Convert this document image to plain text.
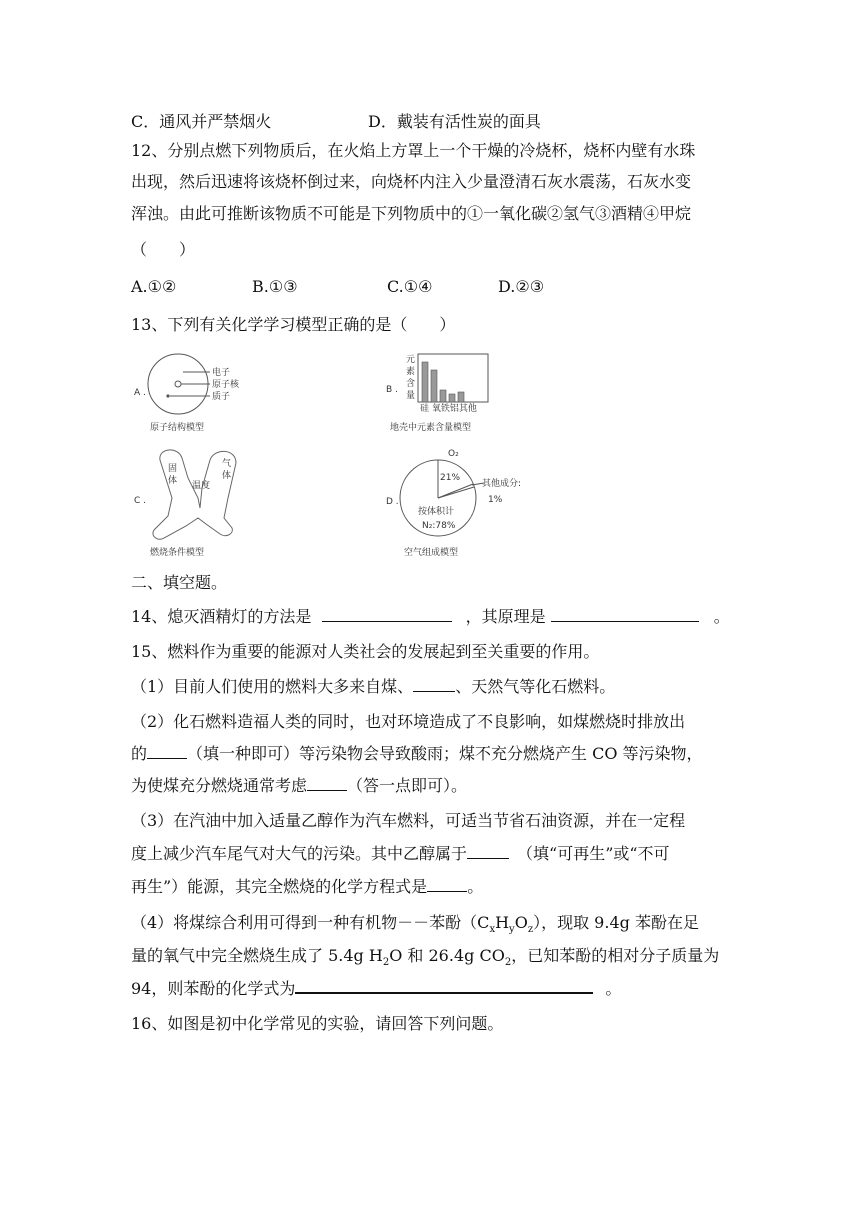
C．通风并严禁烟火	D．戴装有活性炭的面具
12、分别点燃下列物质后，在火焰上方罩上一个干燥的冷烧杯，烧杯内壁有水珠
出现，然后迅速将该烧杯倒过来，向烧杯内注入少量澄清石灰水震荡，石灰水变
浑浊。由此可推断该物质不可能是下列物质中的①一氧化碳②氢气③酒精④甲烷
（　　）
A.①②	B.①③	C.①④	D.②③
13、下列有关化学学习模型正确的是（　　）
A .
电子
原子核
质子
原子结构模型
B .
元
素
含
量
硅 氧铁铝其他
地壳中元素含量模型
C .
固
体 温度
气
体
燃烧条件模型
D .
O₂
21%
其他成分:
1%
按体积计
N₂:78%
空气组成模型
二、填空题。
14、熄灭酒精灯的方法是	，其原理是	。
15、燃料作为重要的能源对人类社会的发展起到至关重要的作用。
（1）目前人们使用的燃料大多来自煤、	、天然气等化石燃料。
（2）化石燃料造福人类的同时，也对环境造成了不良影响，如煤燃烧时排放出
的	（填一种即可）等污染物会导致酸雨；煤不充分燃烧产生 CO 等污染物，
为使煤充分燃烧通常考虑	（答一点即可）。
（3）在汽油中加入适量乙醇作为汽车燃料，可适当节省石油资源，并在一定程
度上减少汽车尾气对大气的污染。其中乙醇属于	（填“可再生”或“不可
再生”）能源，其完全燃烧的化学方程式是	。
（4）将煤综合利用可得到一种有机物－－苯酚$(C_xH_yO_z)$，现取 9.4g 苯酚在足
量的氧气中完全燃烧生成了 5.4g $H_2O$ 和 26.4g $CO_2$，已知苯酚的相对分子质量为
94，则苯酚的化学式为	。
16、如图是初中化学常见的实验，请回答下列问题。
